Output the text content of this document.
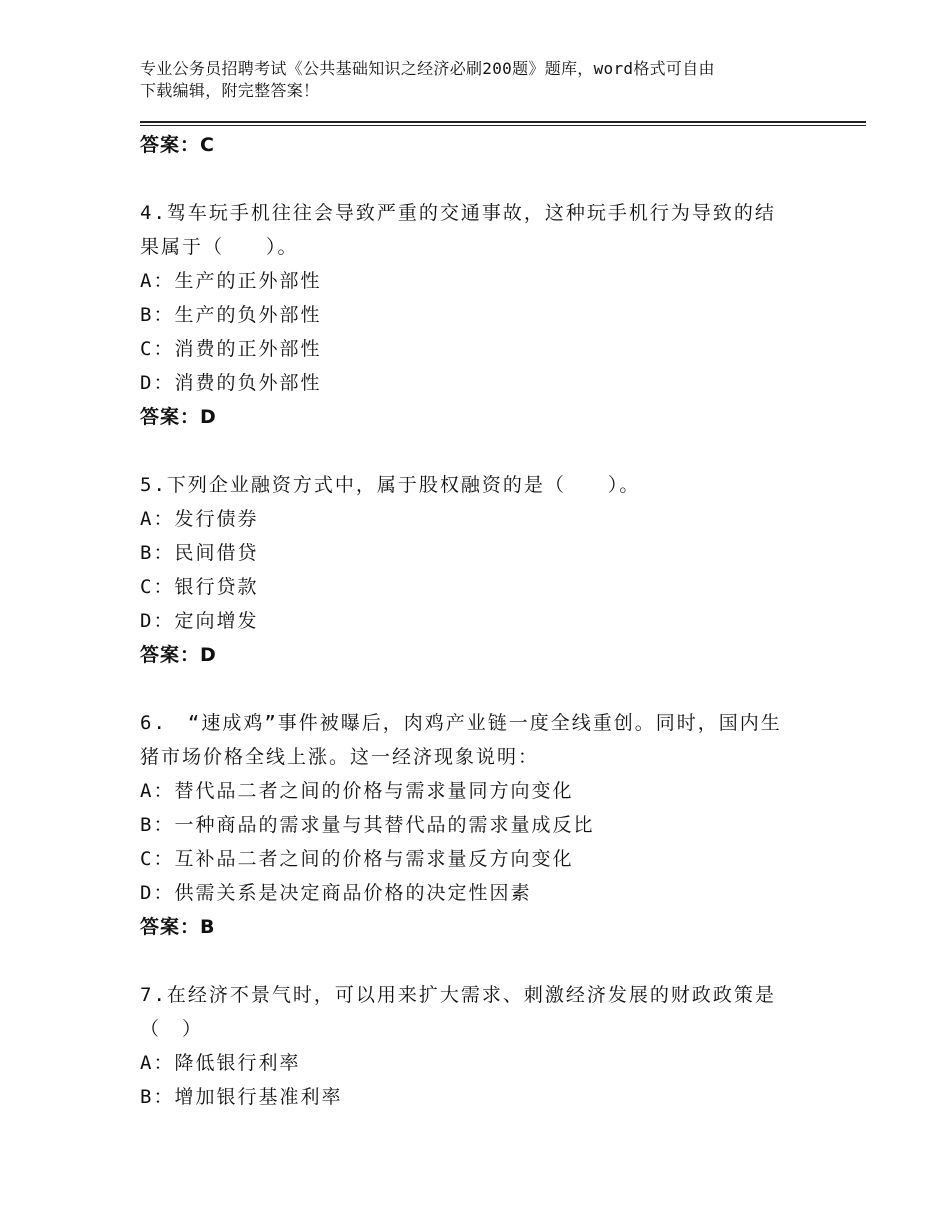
专业公务员招聘考试《公共基础知识之经济必刷200题》题库，word格式可自由
下载编辑，附完整答案！
答案：C
4.驾车玩手机往往会导致严重的交通事故，这种玩手机行为导致的结
果属于（　　）。
A：生产的正外部性
B：生产的负外部性
C：消费的正外部性
D：消费的负外部性
答案：D
5.下列企业融资方式中，属于股权融资的是（　　）。
A：发行债券
B：民间借贷
C：银行贷款
D：定向增发
答案：D
6.　“速成鸡”事件被曝后，肉鸡产业链一度全线重创。同时，国内生
猪市场价格全线上涨。这一经济现象说明：
A：替代品二者之间的价格与需求量同方向变化
B：一种商品的需求量与其替代品的需求量成反比
C：互补品二者之间的价格与需求量反方向变化
D：供需关系是决定商品价格的决定性因素
答案：B
7.在经济不景气时，可以用来扩大需求、刺激经济发展的财政政策是
（　）
A：降低银行利率
B：增加银行基准利率
